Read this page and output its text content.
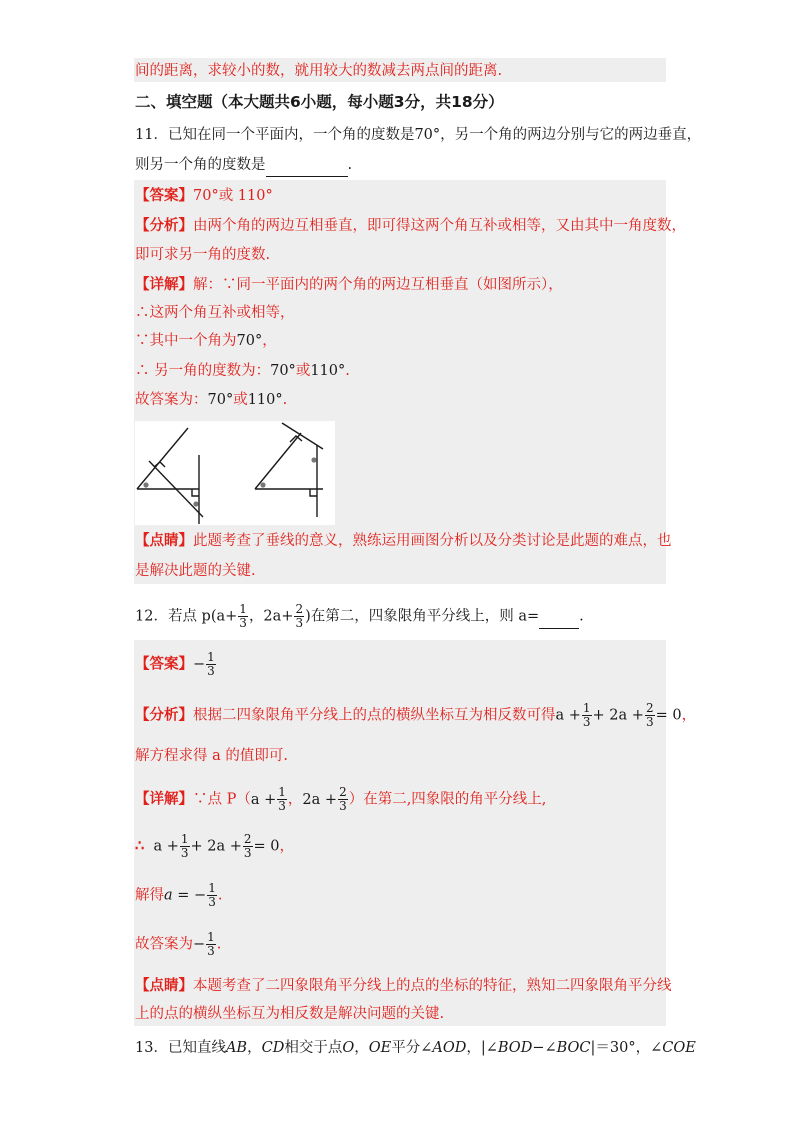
间的距离，求较小的数，就用较大的数减去两点间的距离.
二、填空题（本大题共6小题，每小题3分，共18分）
11．已知在同一个平面内，一个角的度数是70°，另一个角的两边分别与它的两边垂直，
则另一个角的度数是	.
【答案】70°或 110°
【分析】由两个角的两边互相垂直，即可得这两个角互补或相等，又由其中一角度数，
即可求另一角的度数.
【详解】解：∵同一平面内的两个角的两边互相垂直（如图所示），
∴这两个角互补或相等，
∵其中一个角为70°，
∴ 另一角的度数为：70°或110°.
故答案为：70°或110°.
【点睛】此题考查了垂线的意义，熟练运用画图分析以及分类讨论是此题的难点，也
是解决此题的关键.
12．若点 $p(a+ \frac{1}{3}$ ，$2a+ \frac{2}{3}$ )在第二，四象限角平分线上，则 a=	.
【答案】− $\frac{1}{3}$
【分析】根据二四象限角平分线上的点的横纵坐标互为相反数可得$a + \frac{1}{3} + 2a + \frac{2}{3} = 0$，
解方程求得 a 的值即可.
【详解】∵点 $P(a + \frac{1}{3}$ ，$2a + \frac{2}{3}$ ）在第二,四象限的角平分线上,
∴ $a + \frac{1}{3} + 2a + \frac{2}{3} = 0$，
解得a = − $\frac{1}{3}$ .
故答案为− $\frac{1}{3}$ .
【点睛】本题考查了二四象限角平分线上的点的坐标的特征，熟知二四象限角平分线
上的点的横纵坐标互为相反数是解决问题的关键.
13．已知直线AB，CD相交于点O，OE平分∠AOD，|∠BOD−∠BOC|＝30°，∠COE
